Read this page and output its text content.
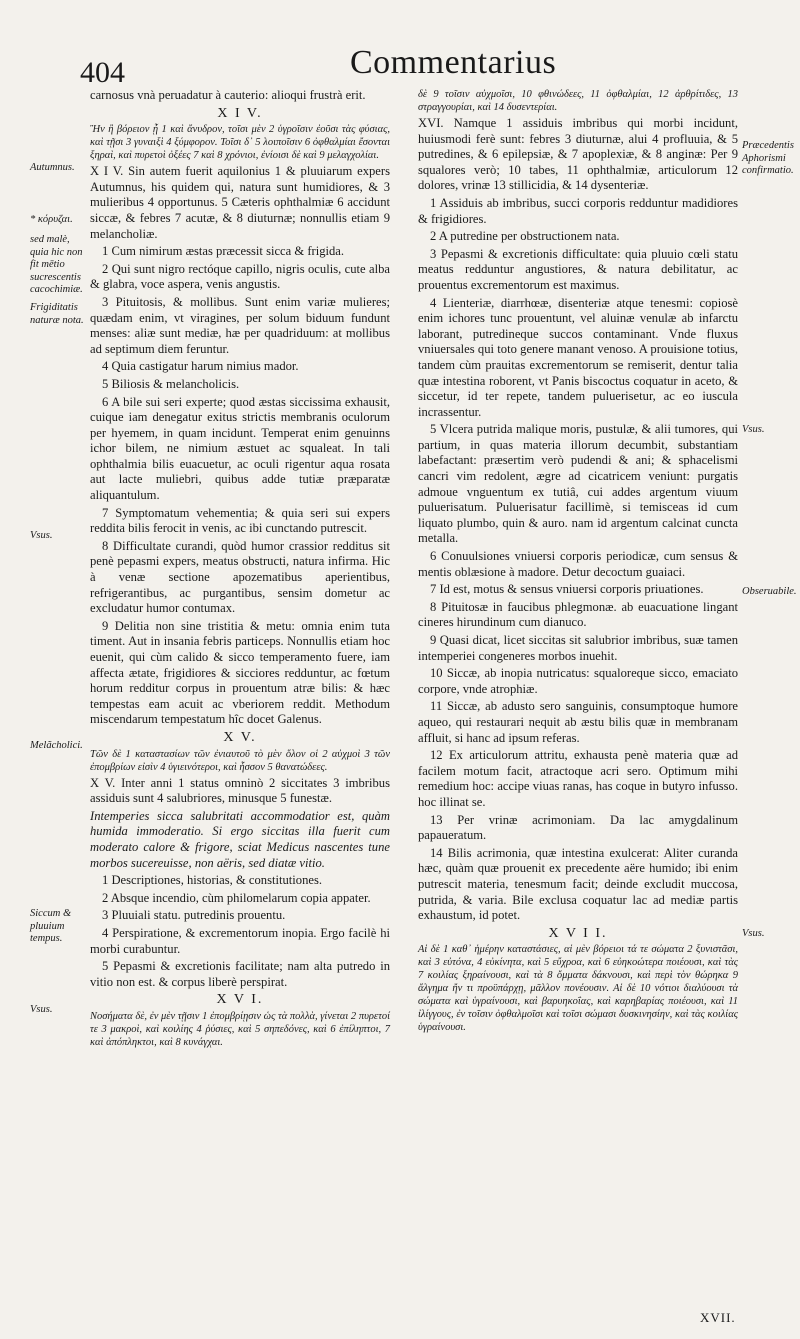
404	Commentarius

carnosus vnà peruadatur à cauterio: alioqui frustrà erit.

X I V.

Ἢν ἢ βόρειον ᾖ 1 καὶ ἄνυδρον, τοῖσι μὲν 2 ὑγροῖσιν ἐοῦσι τὰς φύσιας, καὶ τῇσι 3 γυναιξὶ 4 ξύμφορον. Τοῖσι δ᾽ 5 λοιποῖσιν 6 ὀφθαλμίαι ἔσονται ξηραὶ, καὶ πυρετοὶ ὀξέες 7 καὶ 8 χρόνιοι, ἐνίοισι δὲ καὶ 9 μελαγχολίαι.

X I V. Sin autem fuerit aquilonius 1 & pluuiarum expers Autumnus, his quidem qui, natura sunt humidiores, & 3 mulieribus 4 opportunus. 5 Cæteris ophthalmiæ 6 accidunt siccæ, & febres 7 acutæ, & 8 diuturnæ; nonnullis etiam 9 melancholiæ.

1 Cum nimirum æstas præcessit sicca & frigida.

2 Qui sunt nigro rectóque capillo, nigris oculis, cute alba & glabra, voce aspera, venis angustis.

3 Pituitosis, & mollibus. Sunt enim variæ mulieres; quædam enim, vt viragines, per solum biduum fundunt menses: aliæ sunt mediæ, hæ per quadriduum: at mollibus ad septimum diem feruntur.

4 Quia castigatur harum nimius mador.

5 Biliosis & melancholicis.

6 A bile sui seri experte; quod æstas siccissima exhausit, cuique iam denegatur exitus strictis membranis oculorum per hyemem, in quam incidunt. Temperat enim genuinns ichor bilem, ne nimium æstuet ac squaleat. In tali ophthalmia bilis euacuetur, ac oculi rigentur aqua rosata aut lacte muliebri, quibus adde tutiæ præparatæ aliquantulum.

7 Symptomatum vehementia; & quia seri sui expers reddita bilis ferocit in venis, ac ibi cunctando putrescit.

8 Difficultate curandi, quòd humor crassior redditus sit penè pepasmi expers, meatus obstructi, natura infirma. Hic à venæ sectione apozematibus aperientibus, refrigerantibus, ac purgantibus, sensim dometur ac excludatur humor contumax.

9 Delitia non sine tristitia & metu: omnia enim tuta timent. Aut in insania febris particeps. Nonnullis etiam hoc euenit, qui cùm calido & sicco temperamento fuere, iam affecta ætate, frigidiores & sicciores redduntur, ac fœtum horum redditur corpus in prouentum atræ bilis: & hæc tempestas eam acuit ac vberiorem reddit. Methodum miscendarum tempestatum hîc docet Galenus.

X V.

Τῶν δὲ 1 καταστασίων τῶν ἐνιαυτοῦ τὸ μὲν ὅλον οἱ 2 αὐχμοὶ 3 τῶν ἐπομβρίων εἰσὶν 4 ὑγιεινότεροι, καὶ ἧσσον 5 θανατώδεες.

X V. Inter anni 1 status omninò 2 siccitates 3 imbribus assiduis sunt 4 salubriores, minusque 5 funestæ.

Intemperies sicca salubritati accommodatior est, quàm humida immoderatio. Si ergo siccitas illa fuerit cum moderato calore & frigore, sciat Medicus nascentes tune morbos sucereuisse, non aëris, sed diatæ vitio.

1 Descriptiones, historias, & constitutiones.

2 Absque incendio, cùm philomelarum copia appater.

3 Pluuiali statu. putredinis prouentu.

4 Perspiratione, & excrementorum inopia. Ergo facilè hi morbi curabuntur.

5 Pepasmi & excretionis facilitate; nam alta putredo in vitio non est. & corpus liberè perspirat.

X V I.

Νοσήματα δὲ, ἐν μὲν τῇσιν 1 ἐπομβρίῃσιν ὡς τὰ πολλὰ, γίνεται 2 πυρετοί τε 3 μακροὶ, καὶ κοιλίης 4 ῥύσιες, καὶ 5 σηπεδόνες, καὶ 6 ἐπίληπτοι, 7 καὶ ἀπόπληκτοι, καὶ 8 κυνάγχαι.

δὲ 9 τοῖσιν αὐχμοῖσι, 10 φθινώδεες, 11 ὀφθαλμίαι, 12 ἀρθρίτιδες, 13 στραγγουρίαι, καὶ 14 δυσεντερίαι.

XVI. Namque 1 assiduis imbribus qui morbi incidunt, huiusmodi ferè sunt: febres 3 diuturnæ, alui 4 profluuia, & 5 putredines, & 6 epilepsiæ, & 7 apoplexiæ, & 8 anginæ: Per 9 squalores verò; 10 tabes, 11 ophthalmiæ, articulorum 12 dolores, vrinæ 13 stillicidia, & 14 dysenteriæ.

1 Assiduis ab imbribus, succi corporis redduntur madidiores & frigidiores.

2 A putredine per obstructionem nata.

3 Pepasmi & excretionis difficultate: quia pluuio cœli statu meatus redduntur angustiores, & natura debilitatur, ac prouentus excrementorum est maximus.

4 Lienteriæ, diarrhœæ, disenteriæ atque tenesmi: copiosè enim ichores tunc prouentunt, vel aluinæ venulæ ab infarctu laborant, putredineque succos contaminant. Vnde fluxus vniuersales qui toto genere manant venoso. A prouisione totius, tandem cùm prauitas excrementorum se remiserit, dentur talia quæ intestina roborent, vt Panis biscoctus coquatur in aceto, & siccetur, id ter repete, tandem puluerisetur, ac eo iuscula incrassentur.

5 Vlcera putrida malique moris, pustulæ, & alii tumores, qui partium, in quas materia illorum decumbit, substantiam labefactant: præsertim verò pudendi & ani; & sphacelismi cancri vim redolent, ægre ad cicatricem veniunt: purgatis admoue vnguentum ex tutiâ, cui addes argentum viuum puluerisatum. Puluerisatur facillimè, si temisceas id cum liquato plumbo, quin & auro. nam id argentum calcinat cuncta metalla.

6 Conuulsiones vniuersi corporis periodicæ, cum sensus & mentis oblæsione à madore. Detur decoctum guaiaci.

7 Id est, motus & sensus vniuersi corporis priuationes.

8 Pituitosæ in faucibus phlegmonæ. ab euacuatione lingant cineres hirundinum cum dianuco.

9 Quasi dicat, licet siccitas sit salubrior imbribus, suæ tamen intemperiei congeneres morbos inuehit.

10 Siccæ, ab inopia nutricatus: squaloreque sicco, emaciato corpore, vnde atrophiæ.

11 Siccæ, ab adusto sero sanguinis, consumptoque humore aqueo, qui restaurari nequit ab æstu bilis quæ in membranam affluit, si hanc ad ipsum referas.

12 Ex articulorum attritu, exhausta penè materia quæ ad facilem motum facit, atractoque acri sero. Optimum mihi remedium hoc: accipe viuas ranas, has coque in butyro infusso. hoc illinat se.

13 Per vrinæ acrimoniam. Da lac amygdalinum papaueratum.

14 Bilis acrimonia, quæ intestina exulcerat: Aliter curanda hæc, quàm quæ prouenit ex precedente aëre humido; ibi enim putrescit materia, tenesmum facit; deinde excludit muccosa, putrida, & varia. Bile exclusa coquatur lac ad mediæ partis exhaustum, id potet.

X V I I.

Αἱ δὲ 1 καθ᾽ ἡμέρην καταστάσιες, αἱ μὲν βόρειοι τά τε σώματα 2 ξυνιστᾶσι, καὶ 3 εὐτόνα, 4 εὐκίνητα, καὶ 5 εὔχροα, καὶ 6 εὐηκοώτερα ποιέουσι, καὶ τὰς 7 κοιλίας ξηραίνουσι, καὶ τὰ 8 ὄμματα δάκνουσι, καὶ περὶ τὸν θώρηκα 9 ἄλγημα ἤν τι προϋπάρχῃ, μᾶλλον πονέουσιν. Αἱ δὲ 10 νότιοι διαλύουσι τὰ σώματα καὶ ὑγραίνουσι, καὶ βαρυηκοΐας, καὶ καρηβαρίας ποιέουσι, καὶ 11 ἰλίγγους, ἐν τοῖσιν ὀφθαλμοῖσι καὶ τοῖσι σώμασι δυσκινησίην, καὶ τὰς κοιλίας ὑγραίνουσι.

Autumnus.
* κόρυζαι.
sed malè, quia hic non fit mētio sucrescentis cacochimiæ.
Frigiditatis naturæ nota.
Vsus.
Melãcholici.
Siccum & pluuium tempus.
Vsus.
Præcedentis Aphorismi confirmatio.
Vsus.
Obseruabile.
Vsus.
XVII.
